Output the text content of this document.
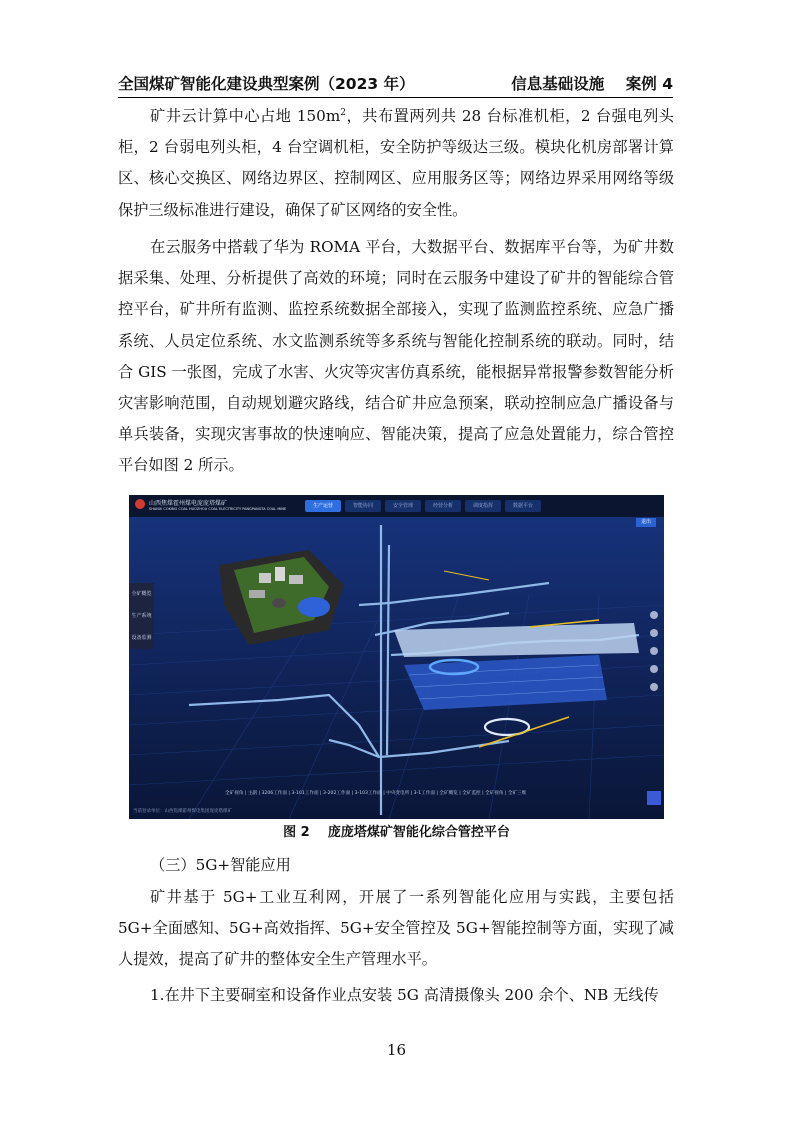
全国煤矿智能化建设典型案例（2023 年）	信息基础设施    案例 4

矿井云计算中心占地 $150m^2$，共布置两列共 28 台标准机柜，2 台强电列头柜，2 台弱电列头柜，4 台空调机柜，安全防护等级达三级。模块化机房部署计算区、核心交换区、网络边界区、控制网区、应用服务区等；网络边界采用网络等级保护三级标准进行建设，确保了矿区网络的安全性。

在云服务中搭载了华为 ROMA 平台，大数据平台、数据库平台等，为矿井数据采集、处理、分析提供了高效的环境；同时在云服务中建设了矿井的智能综合管控平台，矿井所有监测、监控系统数据全部接入，实现了监测监控系统、应急广播系统、人员定位系统、水文监测系统等多系统与智能化控制系统的联动。同时，结合 GIS 一张图，完成了水害、火灾等灾害仿真系统，能根据异常报警参数智能分析灾害影响范围，自动规划避灾路线，结合矿井应急预案，联动控制应急广播设备与单兵装备，实现灾害事故的快速响应、智能决策，提高了应急处置能力，综合管控平台如图 2 所示。

山西焦煤霍州煤电庞庞塔煤矿
SHANXI COKING COAL HUOZHOU COAL ELECTRICITY PANGPANGTA COAL MINE	生产运营	智能协同	安全管理	经营分析	调度指挥	数据平台
退出
全矿概览
生产系统
设备监测
全矿视角 | 主副 | 3206工作面 | 3-101工作面 | 3-202工作面 | 3-103工作面 | 中央变电所 | 3-1工作面 | 全矿概览 | 全矿监控 | 全矿视角 | 全矿三维
当前登录单位：山西焦煤霍州煤电集团庞庞塔煤矿
图 2    庞庞塔煤矿智能化综合管控平台

（三）5G+智能应用

矿井基于 5G+工业互利网，开展了一系列智能化应用与实践，主要包括 5G+全面感知、5G+高效指挥、5G+安全管控及 5G+智能控制等方面，实现了减人提效，提高了矿井的整体安全生产管理水平。

1.在井下主要硐室和设备作业点安装 5G 高清摄像头 200 余个、NB 无线传

16
